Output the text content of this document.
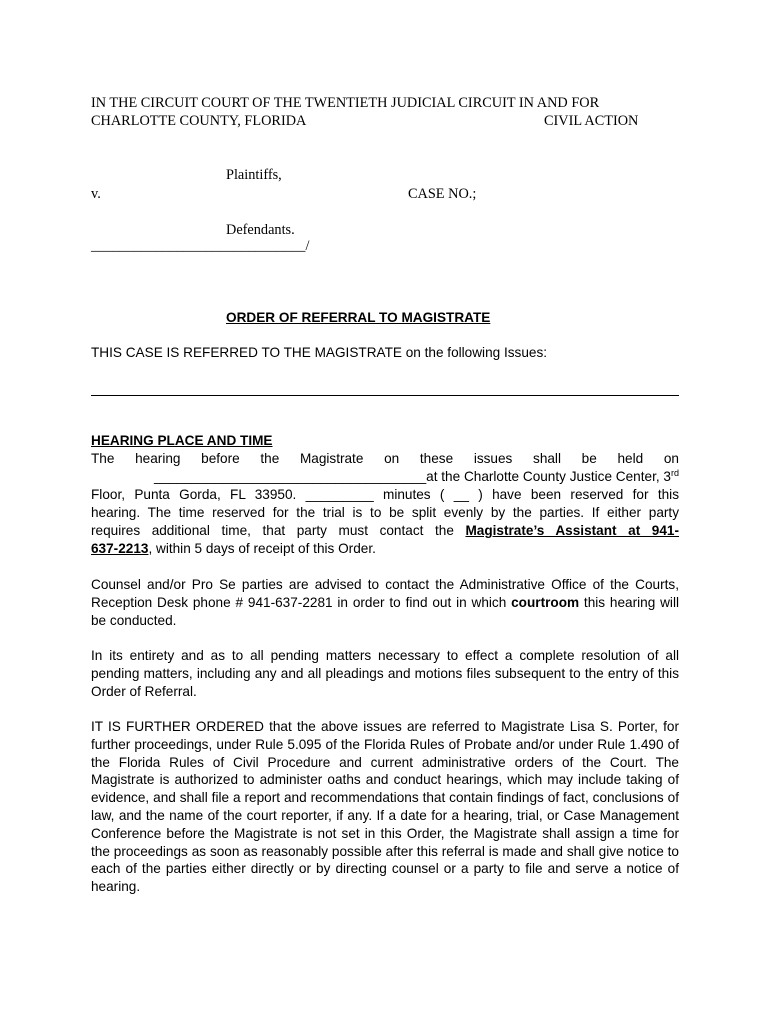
IN THE CIRCUIT COURT OF THE TWENTIETH JUDICIAL CIRCUIT IN AND FOR
CHARLOTTE COUNTY, FLORIDA	CIVIL ACTION
Plaintiffs,
v.	CASE NO.;
Defendants.
______________________________/
ORDER OF REFERRAL TO MAGISTRATE
THIS CASE IS REFERRED TO THE MAGISTRATE on the following Issues:
HEARING PLACE AND TIME
The hearing before the Magistrate on these issues shall be held on
____________________________________at the Charlotte County Justice Center, 3rd
Floor, Punta Gorda, FL 33950. _________ minutes ( __ ) have been reserved for this
hearing. The time reserved for the trial is to be split evenly by the parties. If either party
requires additional time, that party must contact the Magistrate’s Assistant at 941-
637-2213, within 5 days of receipt of this Order.
Counsel and/or Pro Se parties are advised to contact the Administrative Office of the Courts, Reception Desk phone # 941-637-2281 in order to find out in which courtroom this hearing will be conducted.
In its entirety and as to all pending matters necessary to effect a complete resolution of all pending matters, including any and all pleadings and motions files subsequent to the entry of this Order of Referral.
IT IS FURTHER ORDERED that the above issues are referred to Magistrate Lisa S. Porter, for further proceedings, under Rule 5.095 of the Florida Rules of Probate and/or under Rule 1.490 of the Florida Rules of Civil Procedure and current administrative orders of the Court. The Magistrate is authorized to administer oaths and conduct hearings, which may include taking of evidence, and shall file a report and recommendations that contain findings of fact, conclusions of law, and the name of the court reporter, if any. If a date for a hearing, trial, or Case Management Conference before the Magistrate is not set in this Order, the Magistrate shall assign a time for the proceedings as soon as reasonably possible after this referral is made and shall give notice to each of the parties either directly or by directing counsel or a party to file and serve a notice of hearing.
